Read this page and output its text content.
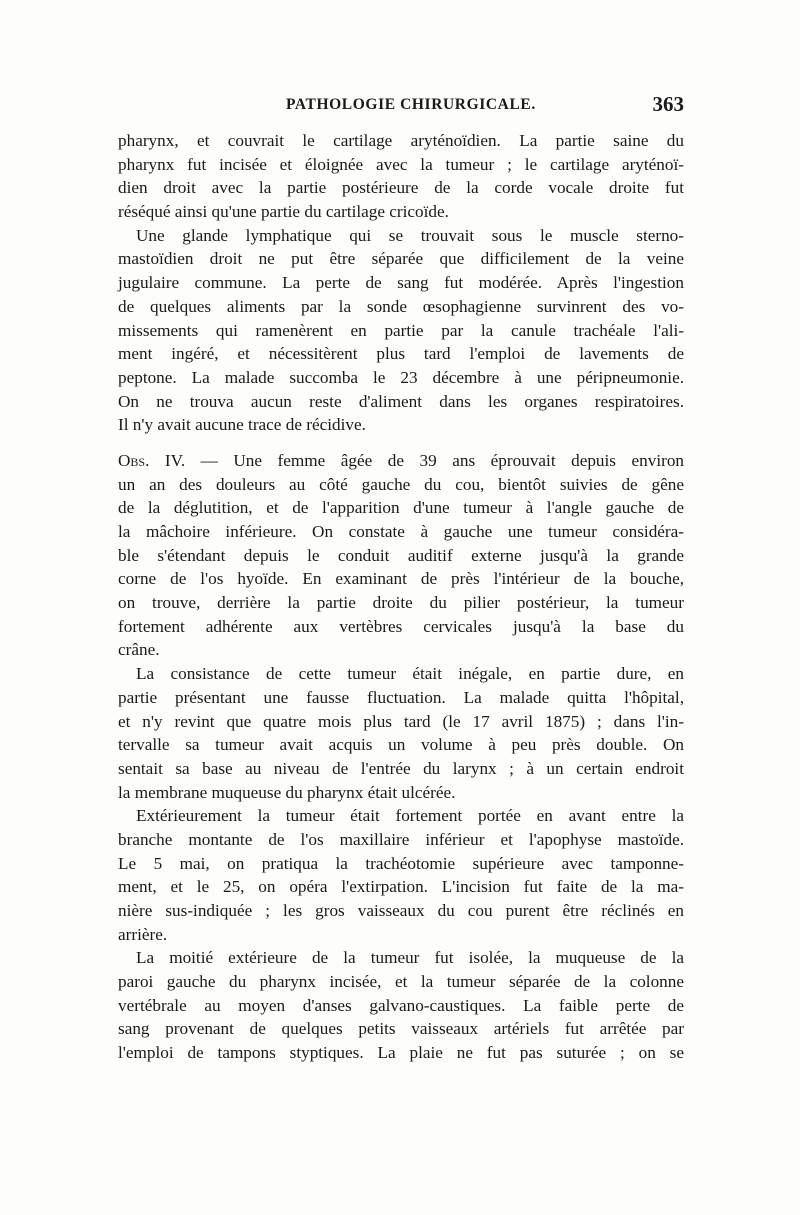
PATHOLOGIE CHIRURGICALE.	363
pharynx, et couvrait le cartilage aryténoïdien. La partie saine du
pharynx fut incisée et éloignée avec la tumeur ; le cartilage aryténoï-
dien droit avec la partie postérieure de la corde vocale droite fut
réséqué ainsi qu'une partie du cartilage cricoïde.
Une glande lymphatique qui se trouvait sous le muscle sterno-
mastoïdien droit ne put être séparée que difficilement de la veine
jugulaire commune. La perte de sang fut modérée. Après l'ingestion
de quelques aliments par la sonde œsophagienne survinrent des vo-
missements qui ramenèrent en partie par la canule trachéale l'ali-
ment ingéré, et nécessitèrent plus tard l'emploi de lavements de
peptone. La malade succomba le 23 décembre à une péripneumonie.
On ne trouva aucun reste d'aliment dans les organes respiratoires.
Il n'y avait aucune trace de récidive.
Obs. IV. — Une femme âgée de 39 ans éprouvait depuis environ
un an des douleurs au côté gauche du cou, bientôt suivies de gêne
de la déglutition, et de l'apparition d'une tumeur à l'angle gauche de
la mâchoire inférieure. On constate à gauche une tumeur considéra-
ble s'étendant depuis le conduit auditif externe jusqu'à la grande
corne de l'os hyoïde. En examinant de près l'intérieur de la bouche,
on trouve, derrière la partie droite du pilier postérieur, la tumeur
fortement adhérente aux vertèbres cervicales jusqu'à la base du
crâne.
La consistance de cette tumeur était inégale, en partie dure, en
partie présentant une fausse fluctuation. La malade quitta l'hôpital,
et n'y revint que quatre mois plus tard (le 17 avril 1875) ; dans l'in-
tervalle sa tumeur avait acquis un volume à peu près double. On
sentait sa base au niveau de l'entrée du larynx ; à un certain endroit
la membrane muqueuse du pharynx était ulcérée.
Extérieurement la tumeur était fortement portée en avant entre la
branche montante de l'os maxillaire inférieur et l'apophyse mastoïde.
Le 5 mai, on pratiqua la trachéotomie supérieure avec tamponne-
ment, et le 25, on opéra l'extirpation. L'incision fut faite de la ma-
nière sus-indiquée ; les gros vaisseaux du cou purent être réclinés en
arrière.
La moitié extérieure de la tumeur fut isolée, la muqueuse de la
paroi gauche du pharynx incisée, et la tumeur séparée de la colonne
vertébrale au moyen d'anses galvano-caustiques. La faible perte de
sang provenant de quelques petits vaisseaux artériels fut arrêtée par
l'emploi de tampons styptiques. La plaie ne fut pas suturée ; on se
